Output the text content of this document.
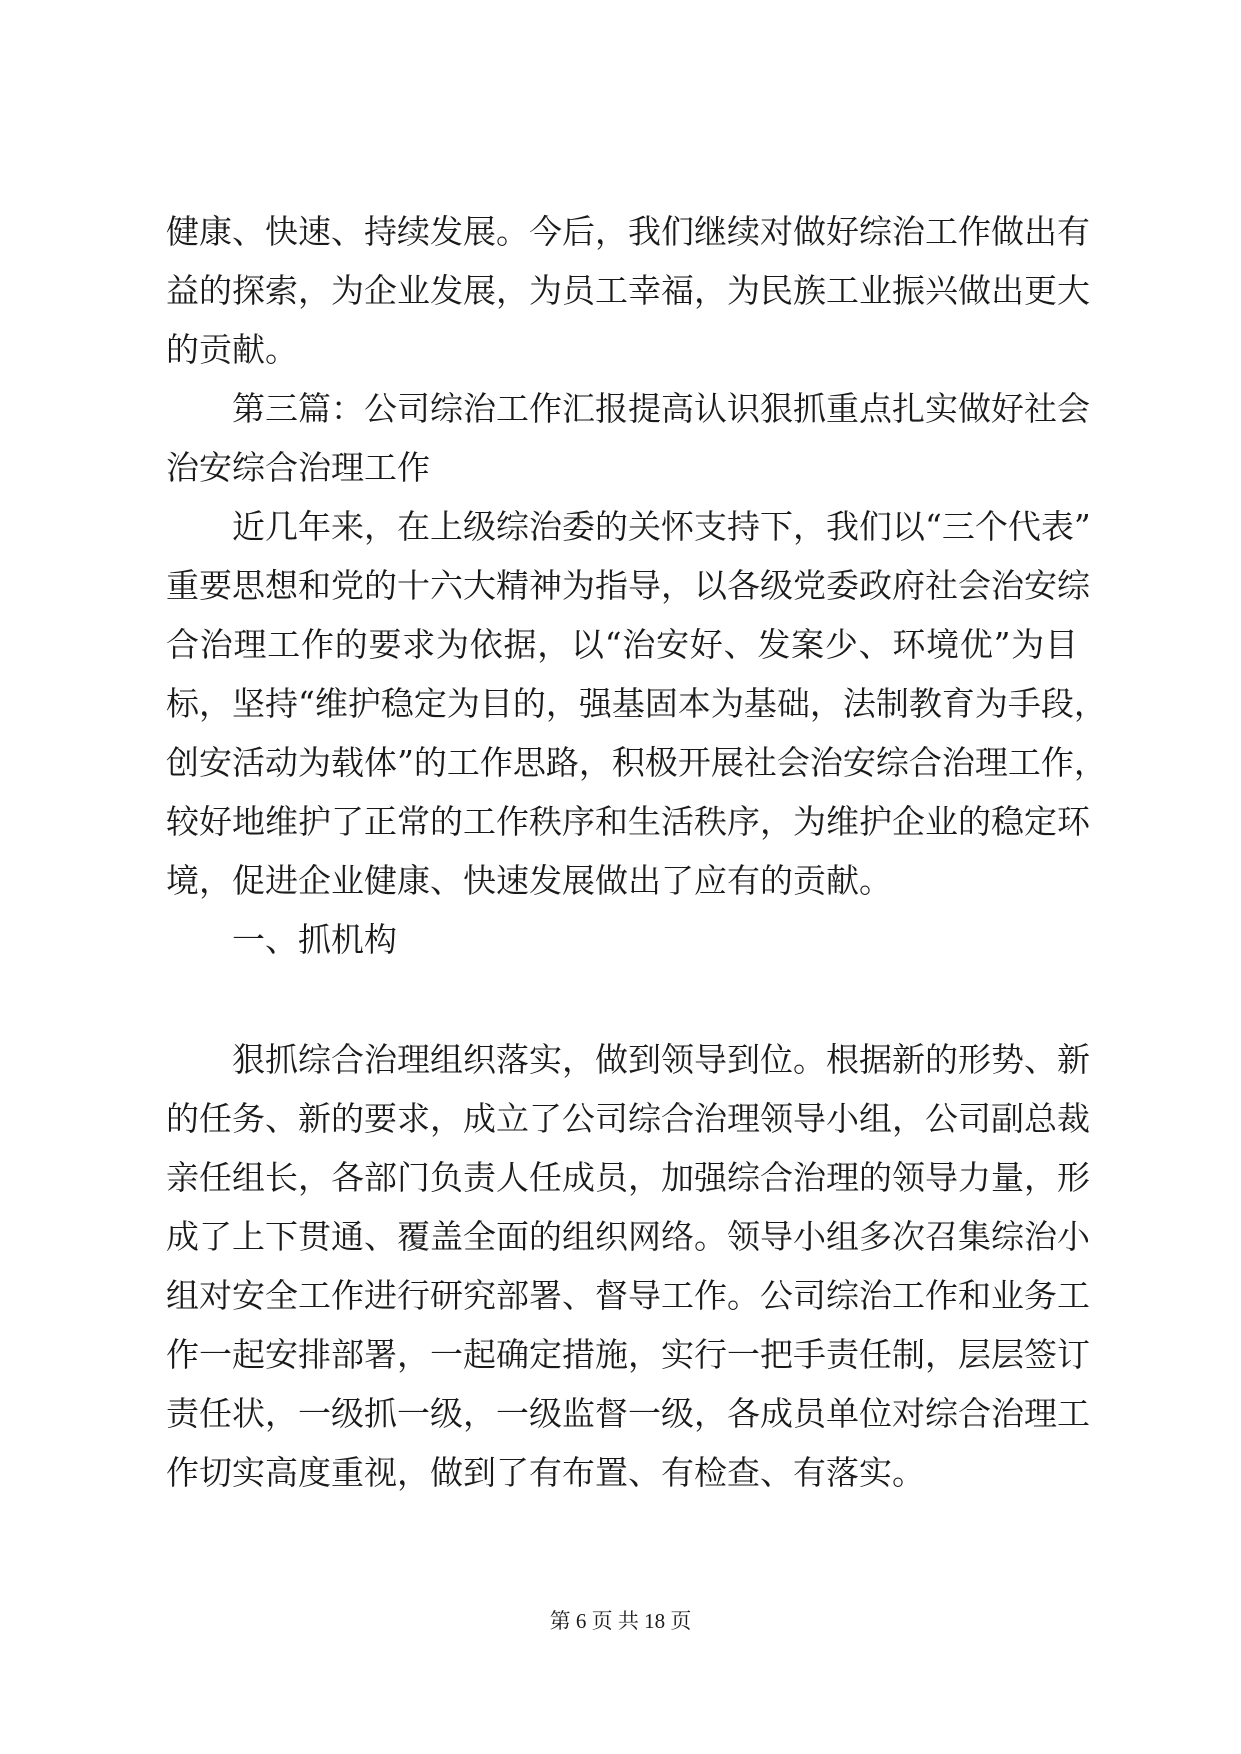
健康、快速、持续发展。今后，我们继续对做好综治工作做出有
益的探索，为企业发展，为员工幸福，为民族工业振兴做出更大
的贡献。
第三篇：公司综治工作汇报提高认识狠抓重点扎实做好社会
治安综合治理工作
近几年来，在上级综治委的关怀支持下，我们以“三个代表”
重要思想和党的十六大精神为指导，以各级党委政府社会治安综
合治理工作的要求为依据，以“治安好、发案少、环境优”为目
标，坚持“维护稳定为目的，强基固本为基础，法制教育为手段，
创安活动为载体”的工作思路，积极开展社会治安综合治理工作，
较好地维护了正常的工作秩序和生活秩序，为维护企业的稳定环
境，促进企业健康、快速发展做出了应有的贡献。
一、抓机构
狠抓综合治理组织落实，做到领导到位。根据新的形势、新
的任务、新的要求，成立了公司综合治理领导小组，公司副总裁
亲任组长，各部门负责人任成员，加强综合治理的领导力量，形
成了上下贯通、覆盖全面的组织网络。领导小组多次召集综治小
组对安全工作进行研究部署、督导工作。公司综治工作和业务工
作一起安排部署，一起确定措施，实行一把手责任制，层层签订
责任状，一级抓一级，一级监督一级，各成员单位对综合治理工
作切实高度重视，做到了有布置、有检查、有落实。
第 6 页 共 18 页
